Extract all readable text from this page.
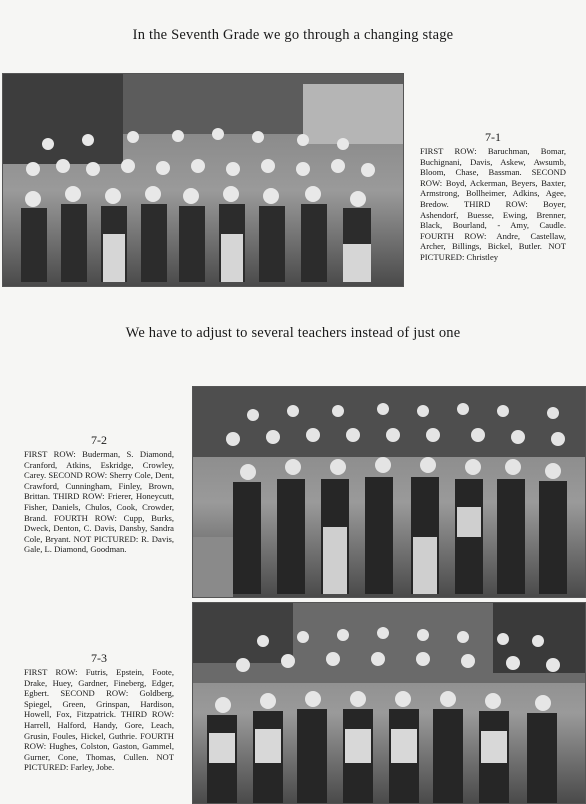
In the Seventh Grade we go through a changing stage
7-1
FIRST ROW: Baruchman, Bomar, Buchignani, Davis, Askew, Awsumb, Bloom, Chase, Bassman. SECOND ROW: Boyd, Ackerman, Beyers, Baxter, Armstrong, Bollheimer, Adkins, Agee, Bredow. THIRD ROW: Boyer, Ashendorf, Buesse, Ewing, Brenner, Black, Bourland, - Amy, Caudle. FOURTH ROW: Andre, Castellaw, Archer, Billings, Bickel, Butler. NOT PICTURED: Christley
We have to adjust to several teachers instead of just one
7-2
FIRST ROW: Buderman, S. Diamond, Cranford, Atkins, Eskridge, Crowley, Carey. SECOND ROW: Sherry Cole, Dent, Crawford, Cunningham, Finley, Brown, Brittan. THIRD ROW: Frierer, Honeycutt, Fisher, Daniels, Chulos, Cook, Crowder, Brand. FOURTH ROW: Cupp, Burks, Dweck, Denton, C. Davis, Dansby, Sandra Cole, Bryant. NOT PICTURED: R. Davis, Gale, L. Diamond, Goodman.
7-3
FIRST ROW: Futris, Epstein, Foote, Drake, Huey, Gardner, Fineberg, Edger, Egbert. SECOND ROW: Goldberg, Spiegel, Green, Grinspan, Hardison, Howell, Fox, Fitzpatrick. THIRD ROW: Harrell, Halford, Handy, Gore, Leach, Grusin, Foules, Hickel, Guthrie. FOURTH ROW: Hughes, Colston, Gaston, Gammel, Gurner, Cone, Thomas, Cullen. NOT PICTURED: Farley, Jobe.
